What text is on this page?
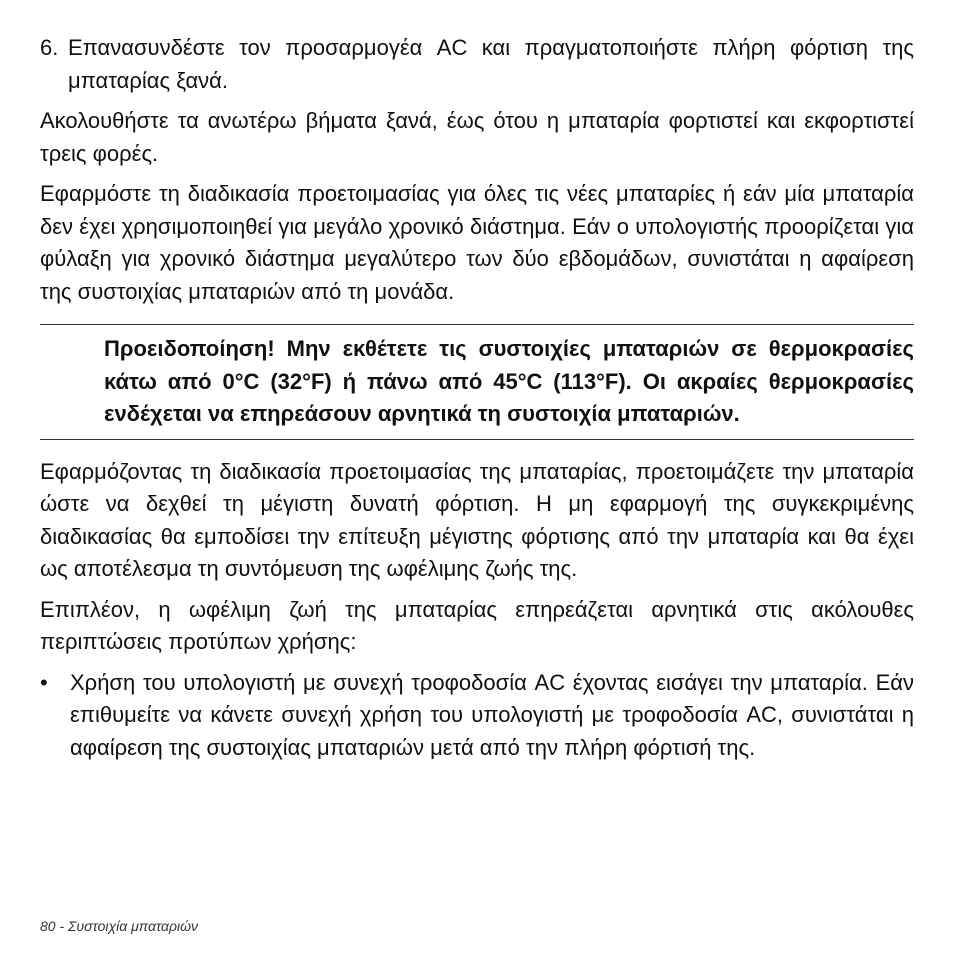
6. Επανασυνδέστε τον προσαρμογέα AC και πραγματοποιήστε πλήρη φόρτιση της μπαταρίας ξανά.

Ακολουθήστε τα ανωτέρω βήματα ξανά, έως ότου η μπαταρία φορτιστεί και εκφορτιστεί τρεις φορές.

Εφαρμόστε τη διαδικασία προετοιμασίας για όλες τις νέες μπαταρίες ή εάν μία μπαταρία δεν έχει χρησιμοποιηθεί για μεγάλο χρονικό διάστημα. Εάν ο υπολογιστής προορίζεται για φύλαξη για χρονικό διάστημα μεγαλύτερο των δύο εβδομάδων, συνιστάται η αφαίρεση της συστοιχίας μπαταριών από τη μονάδα.

Προειδοποίηση! Μην εκθέτετε τις συστοιχίες μπαταριών σε θερμοκρασίες κάτω από 0°C (32°F) ή πάνω από 45°C (113°F). Οι ακραίες θερμοκρασίες ενδέχεται να επηρεάσουν αρνητικά τη συστοιχία μπαταριών.

Εφαρμόζοντας τη διαδικασία προετοιμασίας της μπαταρίας, προετοιμάζετε την μπαταρία ώστε να δεχθεί τη μέγιστη δυνατή φόρτιση. Η μη εφαρμογή της συγκεκριμένης διαδικασίας θα εμποδίσει την επίτευξη μέγιστης φόρτισης από την μπαταρία και θα έχει ως αποτέλεσμα τη συντόμευση της ωφέλιμης ζωής της.

Επιπλέον, η ωφέλιμη ζωή της μπαταρίας επηρεάζεται αρνητικά στις ακόλουθες περιπτώσεις προτύπων χρήσης:

•	Χρήση του υπολογιστή με συνεχή τροφοδοσία AC έχοντας εισάγει την μπαταρία. Εάν επιθυμείτε να κάνετε συνεχή χρήση του υπολογιστή με τροφοδοσία AC, συνιστάται η αφαίρεση της συστοιχίας μπαταριών μετά από την πλήρη φόρτισή της.

80 - Συστοιχία μπαταριών
